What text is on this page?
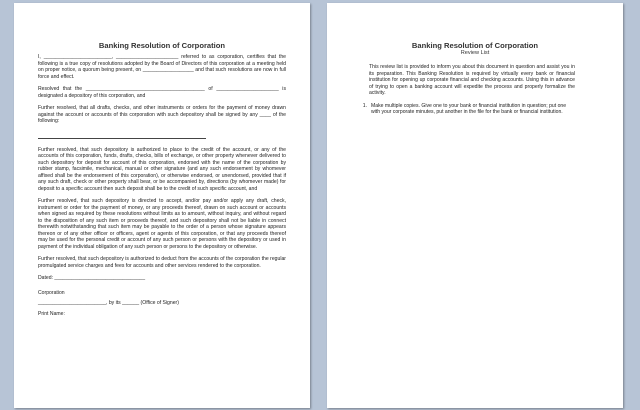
Banking Resolution of Corporation

I, ________________________, ______________________ referred to as corporation, certifies that the following is a true copy of resolutions adopted by the Board of Directors of this corporation at a meeting held on proper notice, a quorum being present, on __________________ and that such resolutions are now in full force and effect.

Resolved that the __________________________________________ of ______________________ is designated a depository of this corporation, and

Further resolved, that all drafts, checks, and other instruments or orders for the payment of money drawn against the account or accounts of this corporation with such depository shall be signed by any ____ of the following:

Further resolved, that such depository is authorized to place to the credit of the account, or any of the accounts of this corporation, funds, drafts, checks, bills of exchange, or other property whenever delivered to such depository for deposit for account of this corporation, endorsed with the name of the corporation by rubber stamp, facsimile, mechanical, manual or other signature (and any such endorsement by whomever affixed shall be the endorsement of this corporation), or otherwise endorsed, or unendorsed, provided that if any such draft, check or other property shall bear, or be accompanied by, directions (by whomever made) for deposit to a specific account then such deposit shall be to the credit of such specific account, and

Further resolved, that such depository is directed to accept, and/or pay and/or apply any draft, check, instrument or order for the payment of money, or any proceeds thereof, drawn on such account or accounts when signed as required by these resolutions without limits as to amount, without inquiry, and without regard to the disposition of any such item or proceeds thereof, and such depository shall not be liable in connect therewith notwithstanding that such item may be payable to the order of a person whose signature appears thereon or of any other officer or officers, agent or agents of this corporation, or that any proceeds thereof may be used for the personal credit or account of any such person or persons with the depository or used in payment of the individual obligation of any such person or persons to the depository or otherwise.

Further resolved, that such depository is authorized to deduct from the accounts of the corporation the regular promulgated service charges and fees for accounts and other services rendered to the corporation.

Dated: ________________________________
Corporation
________________________, by its ______ (Office of Signer)
Print Name:
Banking Resolution of Corporation
Review List

This review list is provided to inform you about this document in question and assist you in its preparation. This Banking Resolution is required by virtually every bank or financial institution for opening up corporate financial and checking accounts. Using this in advance of trying to open a banking account will expedite the process and properly formalize the activity.

1. Make multiple copies. Give one to your bank or financial institution in question; put one with your corporate minutes, put another in the file for the bank or financial institution.
